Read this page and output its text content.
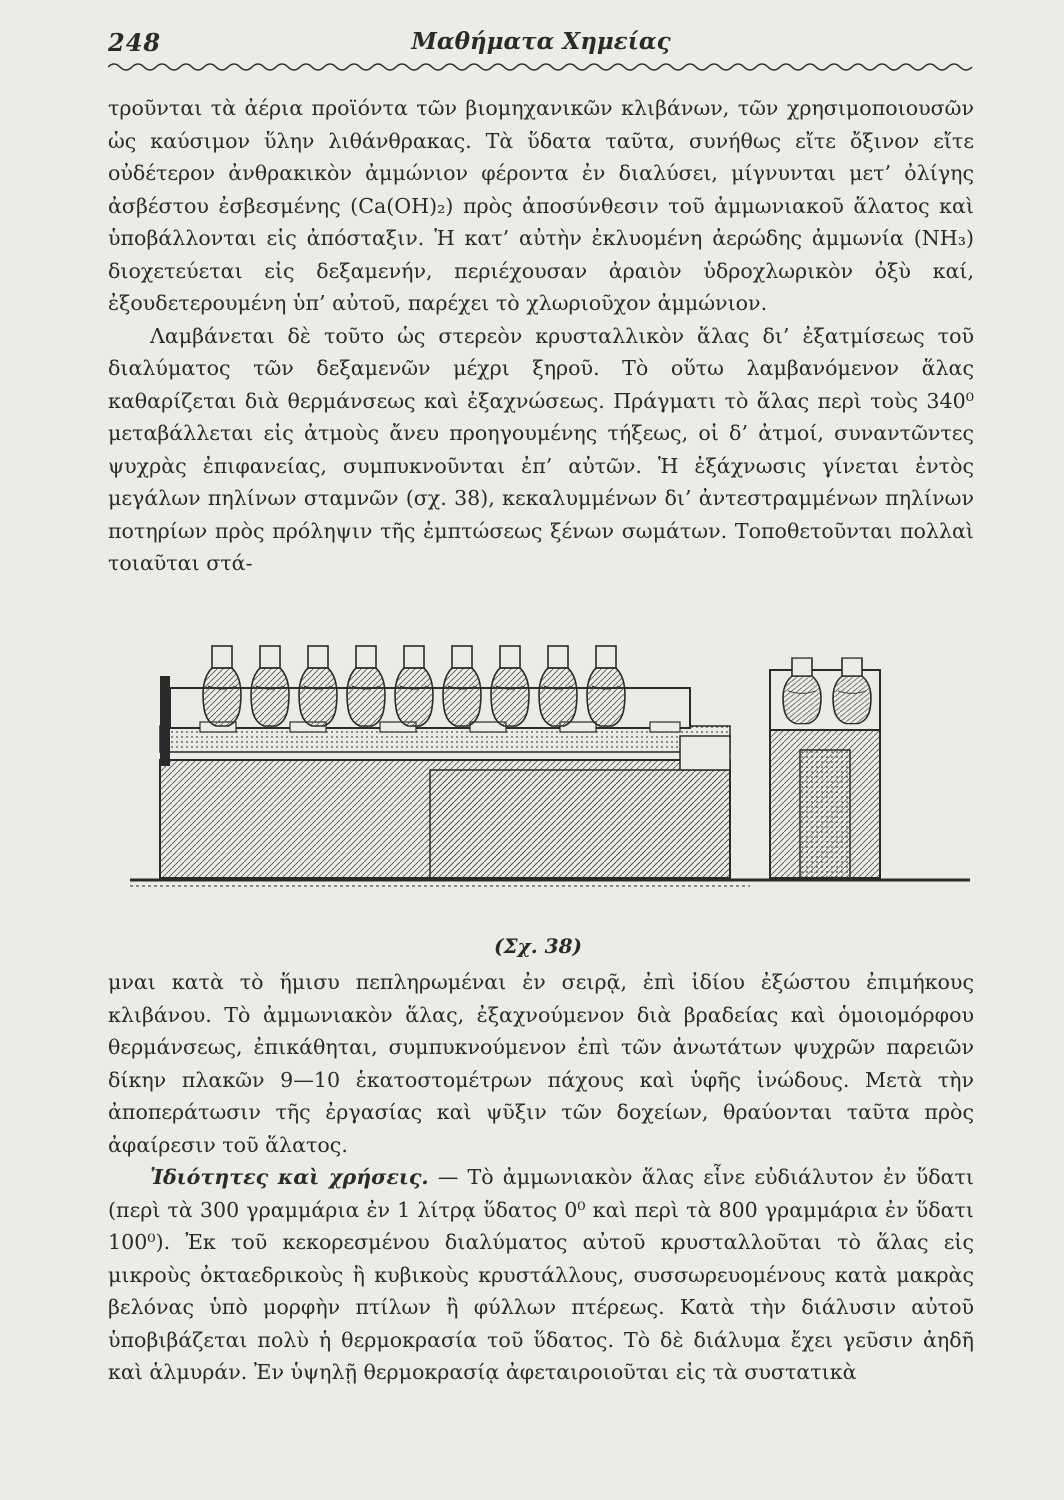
248	Μαθήματα Χημείας

τροῦνται τὰ ἀέρια προϊόντα τῶν βιομηχανικῶν κλιβάνων, τῶν χρησιμοποιουσῶν ὡς καύσιμον ὕλην λιθάνθρακας. Τὰ ὕδατα ταῦτα, συνήθως εἴτε ὄξινον εἴτε οὐδέτερον ἀνθρακικὸν ἀμμώνιον φέροντα ἐν διαλύσει, μίγνυνται μετ’ ὀλίγης ἀσβέστου ἐσβεσμένης (Ca(OH)₂) πρὸς ἀποσύνθεσιν τοῦ ἀμμωνιακοῦ ἅλατος καὶ ὑποβάλλονται εἰς ἀπόσταξιν. Ἡ κατ’ αὐτὴν ἐκλυομένη ἀερώδης ἀμμωνία (NH₃) διοχετεύεται εἰς δεξαμενήν, περιέχουσαν ἀραιὸν ὑδροχλωρικὸν ὀξὺ καί, ἐξουδετερουμένη ὑπ’ αὐτοῦ, παρέχει τὸ χλωριοῦχον ἀμμώνιον.

Λαμβάνεται δὲ τοῦτο ὡς στερεὸν κρυσταλλικὸν ἅλας δι’ ἐξατμίσεως τοῦ διαλύματος τῶν δεξαμενῶν μέχρι ξηροῦ. Τὸ οὕτω λαμβανόμενον ἅλας καθαρίζεται διὰ θερμάνσεως καὶ ἐξαχνώσεως. Πράγματι τὸ ἅλας περὶ τοὺς 340⁰ μεταβάλλεται εἰς ἀτμοὺς ἄνευ προηγουμένης τήξεως, οἱ δ’ ἀτμοί, συναντῶντες ψυχρὰς ἐπιφανείας, συμπυκνοῦνται ἐπ’ αὐτῶν. Ἡ ἐξάχνωσις γίνεται ἐντὸς μεγάλων πηλίνων σταμνῶν (σχ. 38), κεκαλυμμένων δι’ ἀντεστραμμένων πηλίνων ποτηρίων πρὸς πρόληψιν τῆς ἐμπτώσεως ξένων σωμάτων. Τοποθετοῦνται πολλαὶ τοιαῦται στά-

(Σχ. 38)

μναι κατὰ τὸ ἥμισυ πεπληρωμέναι ἐν σειρᾷ, ἐπὶ ἰδίου ἐξώστου ἐπιμήκους κλιβάνου. Τὸ ἀμμωνιακὸν ἅλας, ἐξαχνούμενον διὰ βραδείας καὶ ὁμοιομόρφου θερμάνσεως, ἐπικάθηται, συμπυκνούμενον ἐπὶ τῶν ἀνωτάτων ψυχρῶν παρειῶν δίκην πλακῶν 9—10 ἑκατοστομέτρων πάχους καὶ ὑφῆς ἰνώδους. Μετὰ τὴν ἀποπεράτωσιν τῆς ἐργασίας καὶ ψῦξιν τῶν δοχείων, θραύονται ταῦτα πρὸς ἀφαίρεσιν τοῦ ἅλατος.

Ἰδιότητες καὶ χρήσεις. — Τὸ ἀμμωνιακὸν ἅλας εἶνε εὐδιάλυτον ἐν ὕδατι (περὶ τὰ 300 γραμμάρια ἐν 1 λίτρᾳ ὕδατος 0⁰ καὶ περὶ τὰ 800 γραμμάρια ἐν ὕδατι 100⁰). Ἐκ τοῦ κεκορεσμένου διαλύματος αὐτοῦ κρυσταλλοῦται τὸ ἅλας εἰς μικροὺς ὀκταεδρικοὺς ἢ κυβικοὺς κρυστάλλους, συσσωρευομένους κατὰ μακρὰς βελόνας ὑπὸ μορφὴν πτίλων ἢ φύλλων πτέρεως. Κατὰ τὴν διάλυσιν αὐτοῦ ὑποβιβάζεται πολὺ ἡ θερμοκρασία τοῦ ὕδατος. Τὸ δὲ διάλυμα ἔχει γεῦσιν ἀηδῆ καὶ ἁλμυράν. Ἐν ὑψηλῇ θερμοκρασίᾳ ἀφεταιροιοῦται εἰς τὰ συστατικὰ
